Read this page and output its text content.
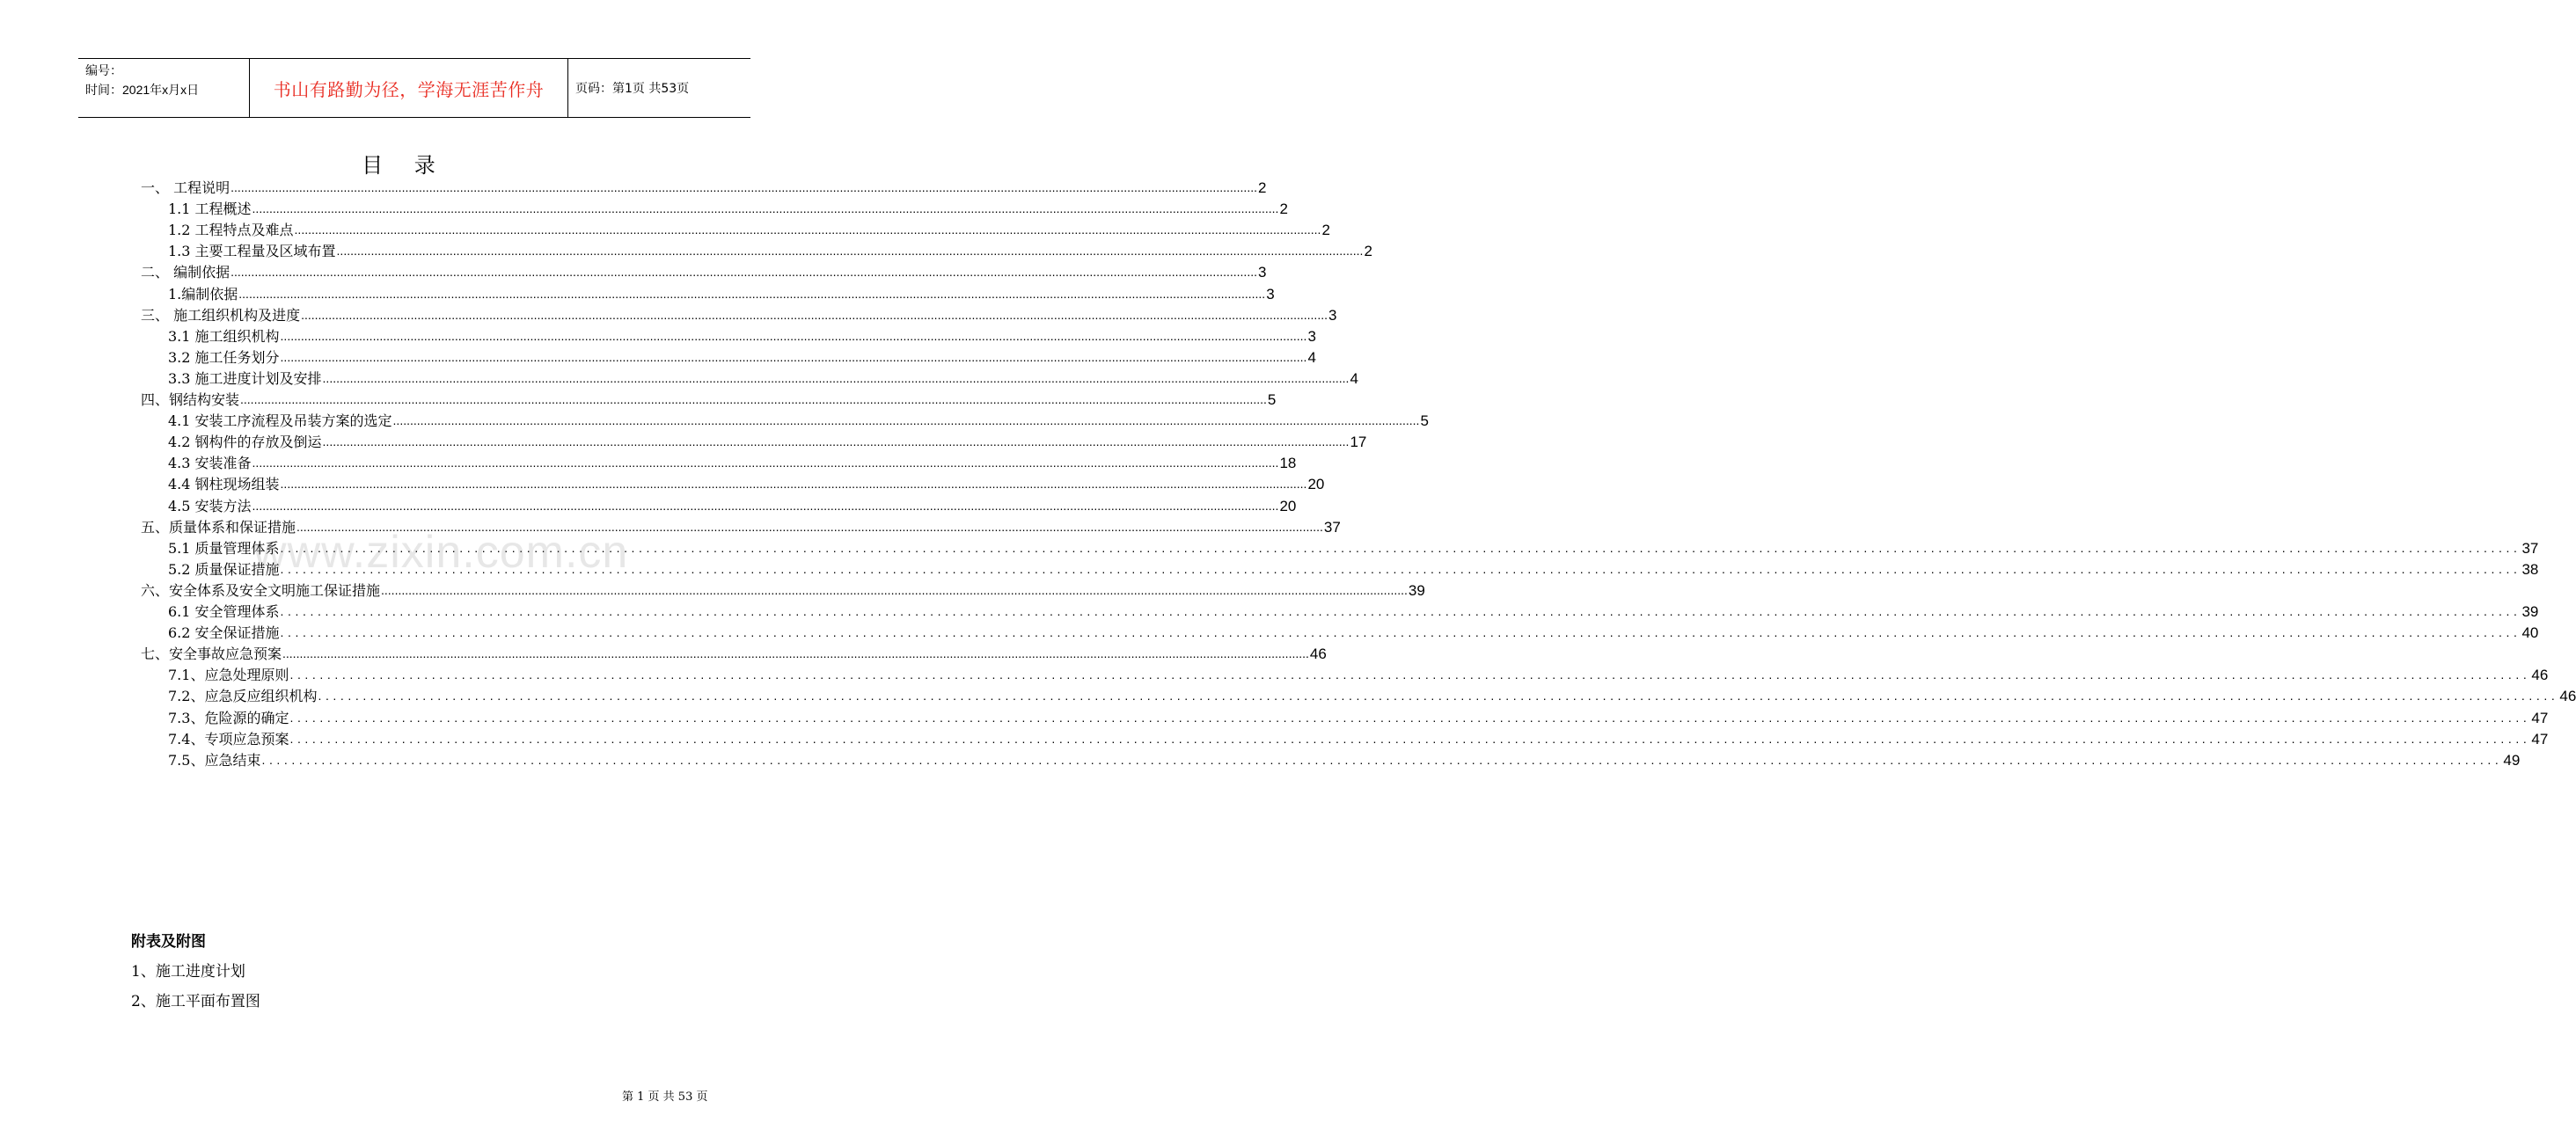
编号：
时间：2021年x月x日	书山有路勤为径，学海无涯苦作舟	页码：第1页 共53页
目 录
一、 工程说明 ............................................................................................................................................................................................................................................................................................................ 2
1.1 工程概述 ............................................................................................................................................................................................................................................................................................................ 2
1.2 工程特点及难点 ............................................................................................................................................................................................................................................................................................................ 2
1.3 主要工程量及区域布置 ............................................................................................................................................................................................................................................................................................................ 2
二、 编制依据 ............................................................................................................................................................................................................................................................................................................ 3
1.编制依据 ............................................................................................................................................................................................................................................................................................................ 3
三、 施工组织机构及进度 ............................................................................................................................................................................................................................................................................................................ 3
3.1 施工组织机构 ............................................................................................................................................................................................................................................................................................................ 3
3.2 施工任务划分 ............................................................................................................................................................................................................................................................................................................ 4
3.3 施工进度计划及安排 ............................................................................................................................................................................................................................................................................................................ 4
四、钢结构安装 ............................................................................................................................................................................................................................................................................................................ 5
4.1 安装工序流程及吊装方案的选定 ............................................................................................................................................................................................................................................................................................................ 5
4.2 钢构件的存放及倒运 ............................................................................................................................................................................................................................................................................................................ 17
4.3 安装准备 ............................................................................................................................................................................................................................................................................................................ 18
4.4 钢柱现场组装 ............................................................................................................................................................................................................................................................................................................ 20
4.5 安装方法 ............................................................................................................................................................................................................................................................................................................ 20
五、质量体系和保证措施 ............................................................................................................................................................................................................................................................................................................ 37
5.1 质量管理体系 ............................................................................................................................................................................................................................................................................................................ 37
5.2 质量保证措施 ............................................................................................................................................................................................................................................................................................................ 38
六、安全体系及安全文明施工保证措施 ............................................................................................................................................................................................................................................................................................................ 39
6.1 安全管理体系 ............................................................................................................................................................................................................................................................................................................ 39
6.2 安全保证措施 ............................................................................................................................................................................................................................................................................................................ 40
七、安全事故应急预案 ............................................................................................................................................................................................................................................................................................................ 46
7.1、应急处理原则 ............................................................................................................................................................................................................................................................................................................ 46
7.2、应急反应组织机构 ............................................................................................................................................................................................................................................................................................................ 46
7.3、危险源的确定 ............................................................................................................................................................................................................................................................................................................ 47
7.4、专项应急预案 ............................................................................................................................................................................................................................................................................................................ 47
7.5、应急结束 ............................................................................................................................................................................................................................................................................................................ 49
www.zixin.com.cn
附表及附图
1、施工进度计划
2、施工平面布置图
第 1 页 共 53 页
